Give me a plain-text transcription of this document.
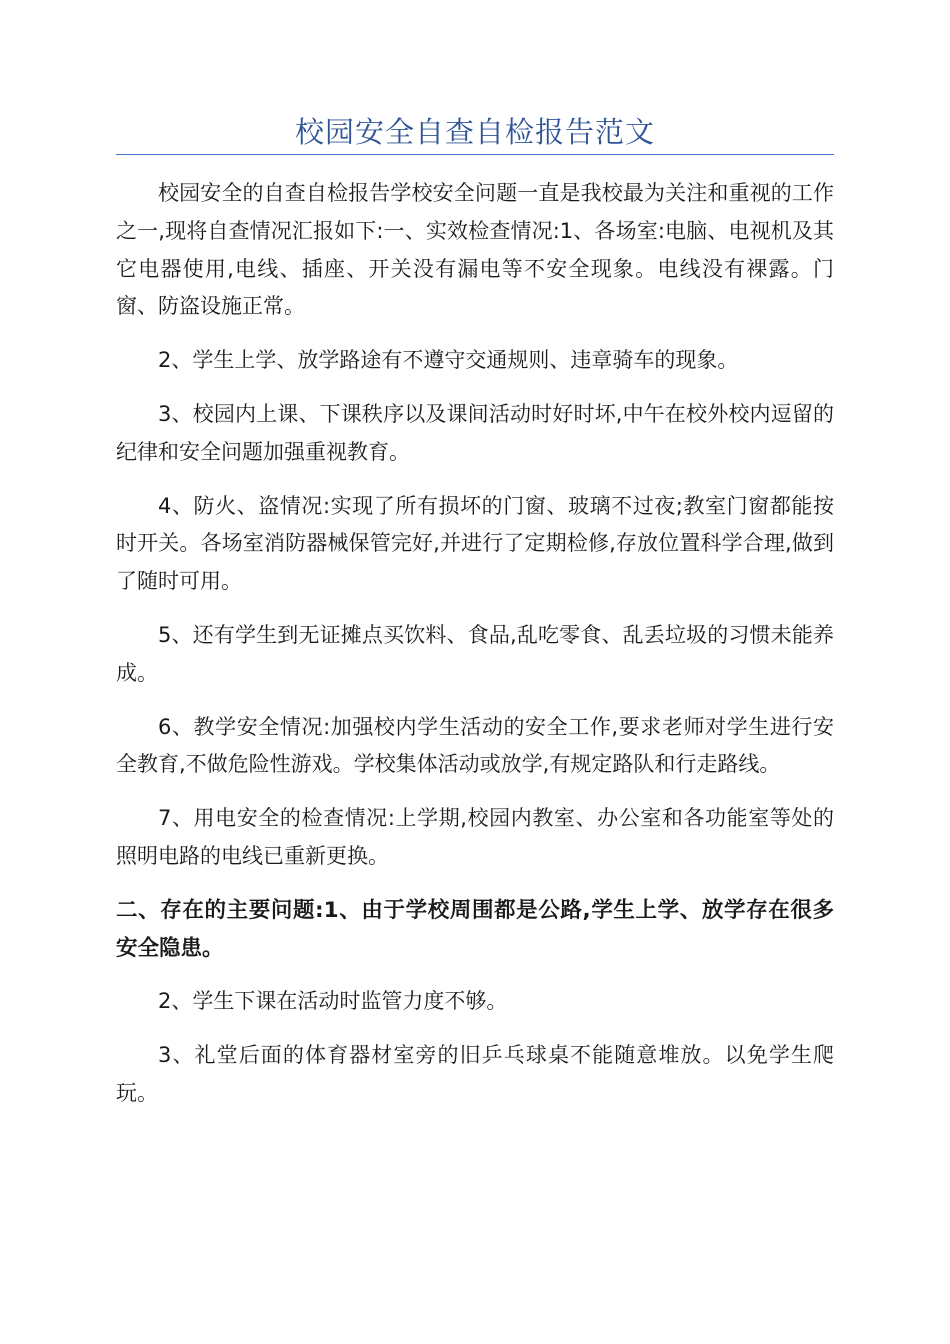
校园安全自查自检报告范文

校园安全的自查自检报告学校安全问题一直是我校最为关注和重视的工作之一,现将自查情况汇报如下:一、实效检查情况:1、各场室:电脑、电视机及其它电器使用,电线、插座、开关没有漏电等不安全现象。电线没有裸露。门窗、防盗设施正常。

2、学生上学、放学路途有不遵守交通规则、违章骑车的现象。

3、校园内上课、下课秩序以及课间活动时好时坏,中午在校外校内逗留的纪律和安全问题加强重视教育。

4、防火、盗情况:实现了所有损坏的门窗、玻璃不过夜;教室门窗都能按时开关。各场室消防器械保管完好,并进行了定期检修,存放位置科学合理,做到了随时可用。

5、还有学生到无证摊点买饮料、食品,乱吃零食、乱丢垃圾的习惯未能养成。

6、教学安全情况:加强校内学生活动的安全工作,要求老师对学生进行安全教育,不做危险性游戏。学校集体活动或放学,有规定路队和行走路线。

7、用电安全的检查情况:上学期,校园内教室、办公室和各功能室等处的照明电路的电线已重新更换。

二、存在的主要问题:1、由于学校周围都是公路,学生上学、放学存在很多安全隐患。

2、学生下课在活动时监管力度不够。

3、礼堂后面的体育器材室旁的旧乒乓球桌不能随意堆放。以免学生爬玩。
